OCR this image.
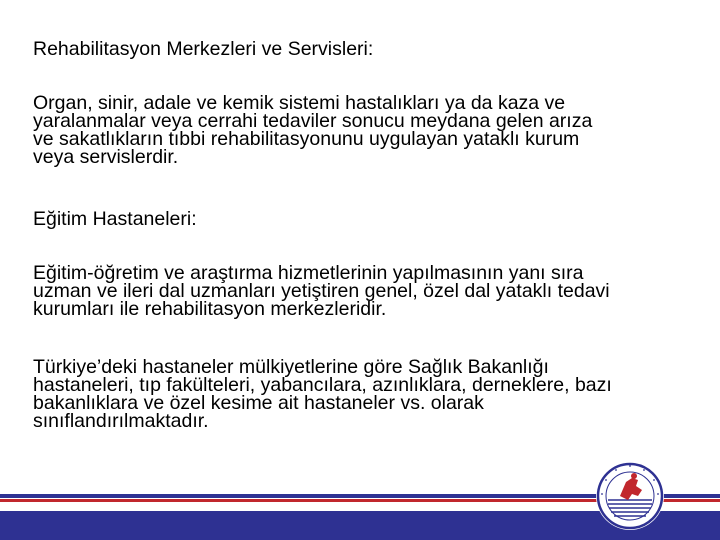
Rehabilitasyon Merkezleri ve Servisleri:

Organ, sinir, adale ve kemik sistemi hastalıkları ya da kaza ve
yaralanmalar veya cerrahi tedaviler sonucu meydana gelen arıza
ve sakatlıkların tıbbi rehabilitasyonunu uygulayan yataklı kurum
veya servislerdir.

Eğitim Hastaneleri:

Eğitim-öğretim ve araştırma hizmetlerinin yapılmasının yanı sıra
uzman ve ileri dal uzmanları yetiştiren genel, özel dal yataklı tedavi
kurumları ile rehabilitasyon merkezleridir.

Türkiye’deki hastaneler mülkiyetlerine göre Sağlık Bakanlığı
hastaneleri, tıp fakülteleri, yabancılara, azınlıklara, derneklere, bazı
bakanlıklara ve özel kesime ait hastaneler vs. olarak
sınıflandırılmaktadır.
